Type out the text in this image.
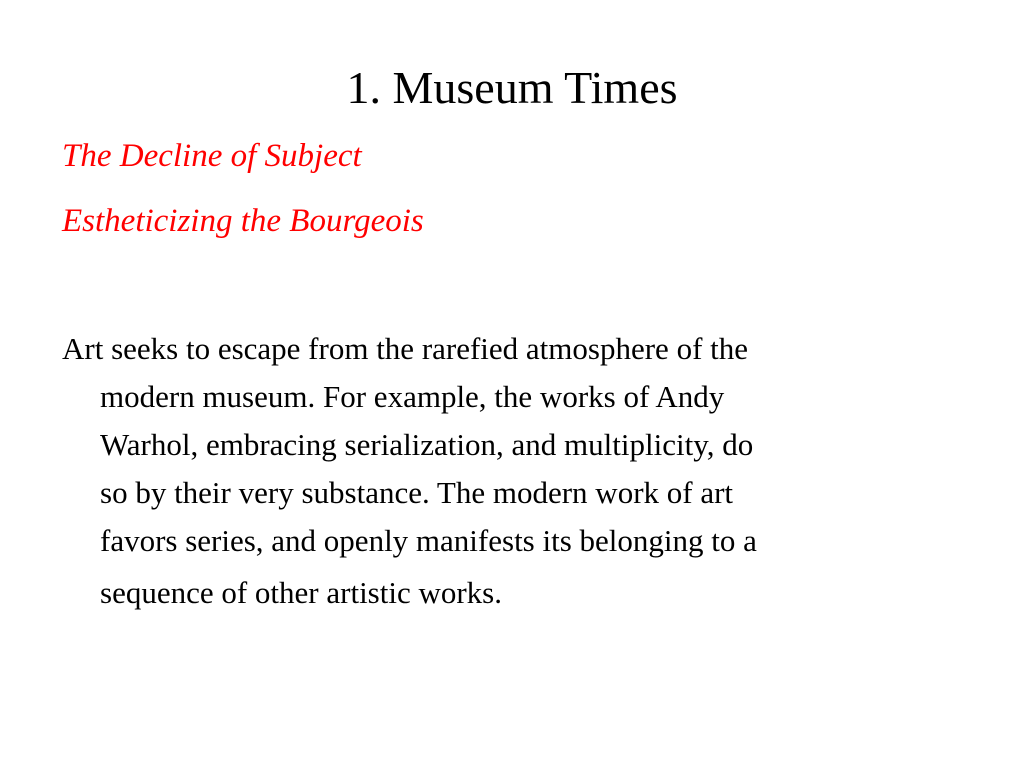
1. Museum Times
The Decline of Subject
Estheticizing the Bourgeois

Art seeks to escape from the rarefied atmosphere of the
modern museum. For example, the works of Andy
Warhol, embracing serialization, and multiplicity, do
so by their very substance. The modern work of art
favors series, and openly manifests its belonging to a
sequence of other artistic works.
